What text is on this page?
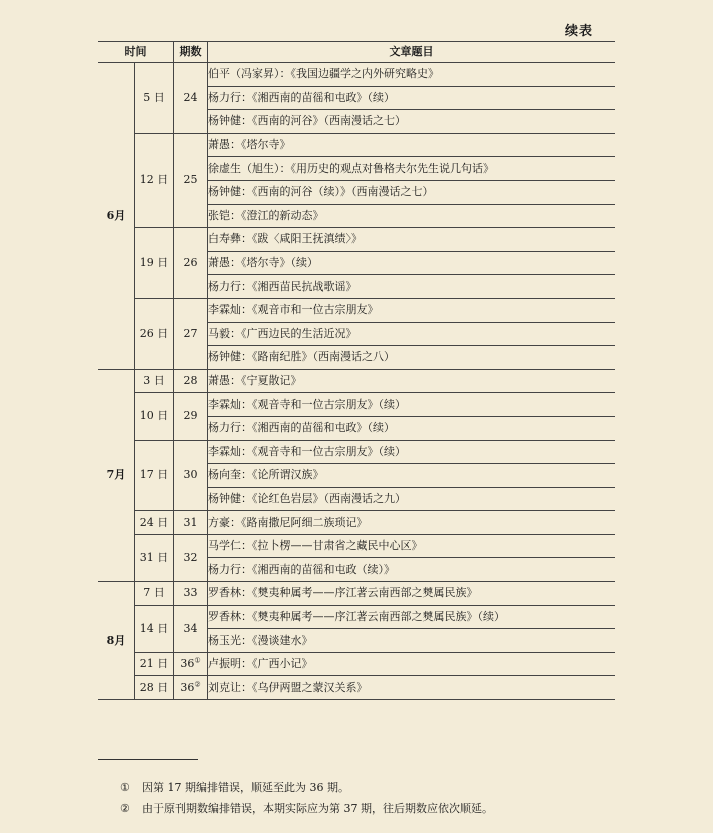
续表
时间		期数	文章题目
6月	5 日	24	伯平（冯家昇）：《我国边疆学之内外研究略史》
			杨力行：《湘西南的苗徭和屯政》（续）
			杨钟健：《西南的河谷》（西南漫话之七）
	12 日	25	萧愚：《塔尔寺》
			徐虚生（旭生）：《用历史的观点对鲁格夫尔先生说几句话》
			杨钟健：《西南的河谷（续）》（西南漫话之七）
			张铠：《澄江的新动态》
	19 日	26	白寿彝：《跋〈咸阳王抚滇绩〉》
			萧愚：《塔尔寺》（续）
			杨力行：《湘西苗民抗战歌谣》
	26 日	27	李霖灿：《观音市和一位古宗朋友》
			马毅：《广西边民的生活近况》
			杨钟健：《路南纪胜》（西南漫话之八）
7月	3 日	28	萧愚：《宁夏散记》
	10 日	29	李霖灿：《观音寺和一位古宗朋友》（续）
			杨力行：《湘西南的苗徭和屯政》（续）
	17 日	30	李霖灿：《观音寺和一位古宗朋友》（续）
			杨向奎：《论所谓汉族》
			杨钟健：《论红色岩层》（西南漫话之九）
	24 日	31	方豪：《路南撒尼阿细二族琐记》
	31 日	32	马学仁：《拉卜楞——甘肃省之藏民中心区》
			杨力行：《湘西南的苗徭和屯政（续）》
8月	7 日	33	罗香林：《僰夷种属考——序江著云南西部之僰属民族》
	14 日	34	罗香林：《僰夷种属考——序江著云南西部之僰属民族》（续）
			杨玉光：《漫谈建水》
	21 日	36①	卢振明：《广西小记》
	28 日	36②	刘克让：《乌伊两盟之蒙汉关系》
① 因第 17 期编排错误，顺延至此为 36 期。
② 由于原刊期数编排错误，本期实际应为第 37 期，往后期数应依次顺延。
